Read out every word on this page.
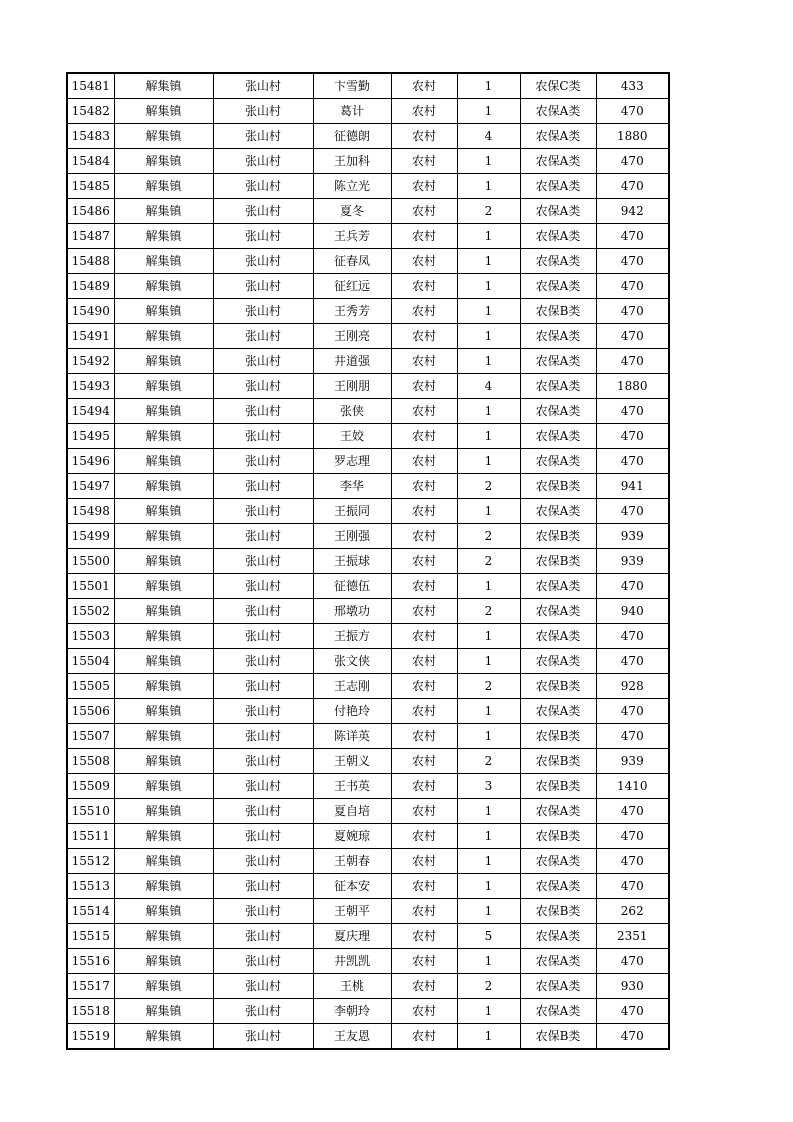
15481	解集镇	张山村	卞雪勤	农村	1	农保C类	433
15482	解集镇	张山村	葛计	农村	1	农保A类	470
15483	解集镇	张山村	征德朗	农村	4	农保A类	1880
15484	解集镇	张山村	王加科	农村	1	农保A类	470
15485	解集镇	张山村	陈立光	农村	1	农保A类	470
15486	解集镇	张山村	夏冬	农村	2	农保A类	942
15487	解集镇	张山村	王兵芳	农村	1	农保A类	470
15488	解集镇	张山村	征春凤	农村	1	农保A类	470
15489	解集镇	张山村	征红远	农村	1	农保A类	470
15490	解集镇	张山村	王秀芳	农村	1	农保B类	470
15491	解集镇	张山村	王刚亮	农村	1	农保A类	470
15492	解集镇	张山村	井道强	农村	1	农保A类	470
15493	解集镇	张山村	王刚朋	农村	4	农保A类	1880
15494	解集镇	张山村	张侠	农村	1	农保A类	470
15495	解集镇	张山村	王姣	农村	1	农保A类	470
15496	解集镇	张山村	罗志理	农村	1	农保A类	470
15497	解集镇	张山村	李华	农村	2	农保B类	941
15498	解集镇	张山村	王振同	农村	1	农保A类	470
15499	解集镇	张山村	王刚强	农村	2	农保B类	939
15500	解集镇	张山村	王振球	农村	2	农保B类	939
15501	解集镇	张山村	征德伍	农村	1	农保A类	470
15502	解集镇	张山村	邢墩功	农村	2	农保A类	940
15503	解集镇	张山村	王振方	农村	1	农保A类	470
15504	解集镇	张山村	张文侠	农村	1	农保A类	470
15505	解集镇	张山村	王志刚	农村	2	农保B类	928
15506	解集镇	张山村	付艳玲	农村	1	农保A类	470
15507	解集镇	张山村	陈详英	农村	1	农保B类	470
15508	解集镇	张山村	王朝义	农村	2	农保B类	939
15509	解集镇	张山村	王书英	农村	3	农保B类	1410
15510	解集镇	张山村	夏自培	农村	1	农保A类	470
15511	解集镇	张山村	夏婉琼	农村	1	农保B类	470
15512	解集镇	张山村	王朝春	农村	1	农保A类	470
15513	解集镇	张山村	征本安	农村	1	农保A类	470
15514	解集镇	张山村	王朝平	农村	1	农保B类	262
15515	解集镇	张山村	夏庆理	农村	5	农保A类	2351
15516	解集镇	张山村	井凯凯	农村	1	农保A类	470
15517	解集镇	张山村	王桃	农村	2	农保A类	930
15518	解集镇	张山村	李朝玲	农村	1	农保A类	470
15519	解集镇	张山村	王友恩	农村	1	农保B类	470
